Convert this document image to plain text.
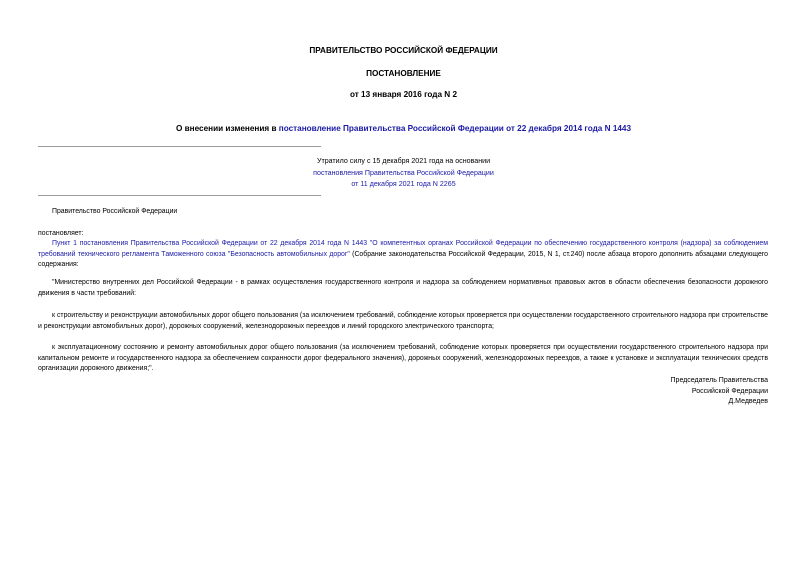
ПРАВИТЕЛЬСТВО РОССИЙСКОЙ ФЕДЕРАЦИИ
ПОСТАНОВЛЕНИЕ
от 13 января 2016 года N 2
О внесении изменения в постановление Правительства Российской Федерации от 22 декабря 2014 года N 1443
Утратило силу с 15 декабря 2021 года на основании
постановления Правительства Российской Федерации
от 11 декабря 2021 года N 2265
Правительство Российской Федерации
постановляет:
Пункт 1 постановления Правительства Российской Федерации от 22 декабря 2014 года N 1443 "О компетентных органах Российской Федерации по обеспечению государственного контроля (надзора) за соблюдением требований технического регламента Таможенного союза "Безопасность автомобильных дорог" (Собрание законодательства Российской Федерации, 2015, N 1, ст.240) после абзаца второго дополнить абзацами следующего содержания:
"Министерство внутренних дел Российской Федерации - в рамках осуществления государственного контроля и надзора за соблюдением нормативных правовых актов в области обеспечения безопасности дорожного движения в части требований:
к строительству и реконструкции автомобильных дорог общего пользования (за исключением требований, соблюдение которых проверяется при осуществлении государственного строительного надзора при строительстве и реконструкции автомобильных дорог), дорожных сооружений, железнодорожных переездов и линий городского электрического транспорта;
к эксплуатационному состоянию и ремонту автомобильных дорог общего пользования (за исключением требований, соблюдение которых проверяется при осуществлении государственного строительного надзора при капитальном ремонте и государственного надзора за обеспечением сохранности дорог федерального значения), дорожных сооружений, железнодорожных переездов, а также к установке и эксплуатации технических средств организации дорожного движения;".
Председатель Правительства
Российской Федерации
Д.Медведев
